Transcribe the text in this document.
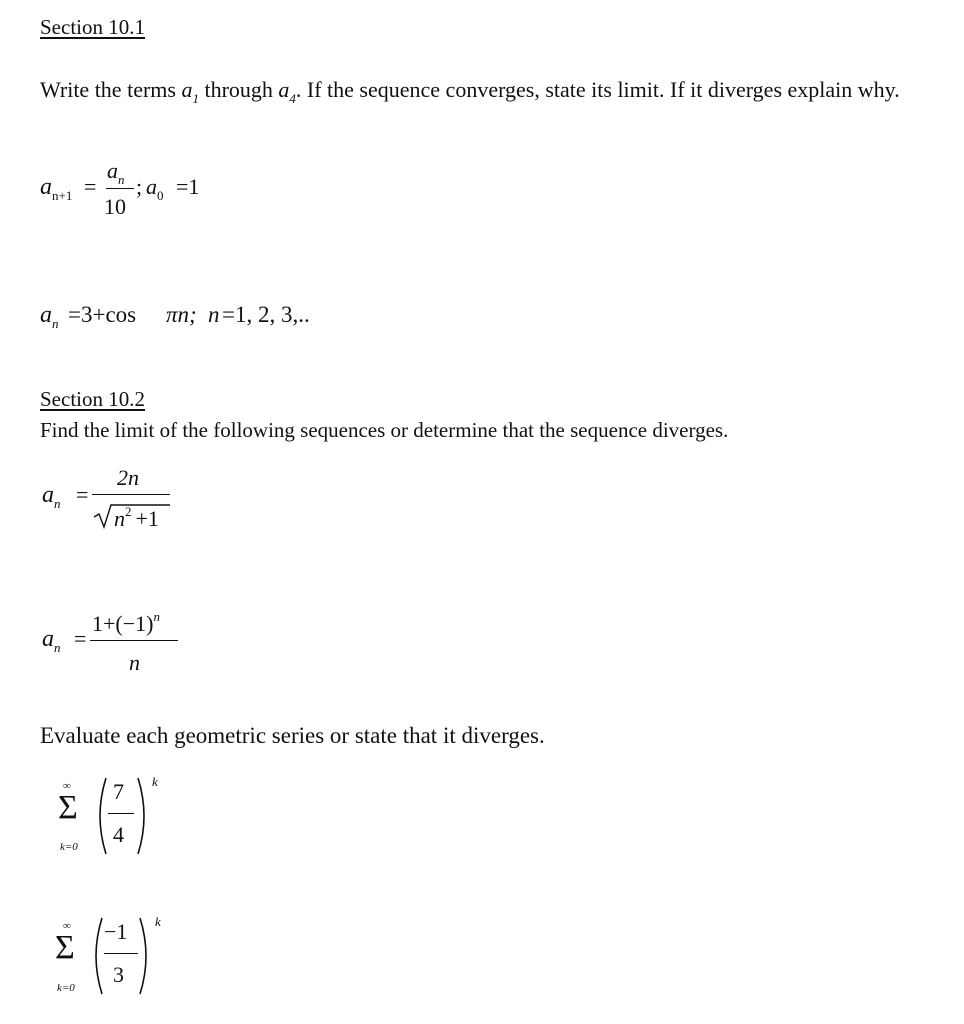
Section 10.1
Write the terms $a_1$ through $a_4$. If the sequence converges, state its limit. If it diverges explain why.
$a_{n+1}$ =
$a_n$
10
; $a_0 =1$
$a_n =3+\cos$ πn; n =1, 2, 3,..
Section 10.2
Find the limit of the following sequences or determine that the sequence diverges.
$a_n$ =
2n
$n^2 +1$
$a_n$ =
$1+(-1)^n$
n
Evaluate each geometric series or state that it diverges.
∞
Σ
k=0
7
4
k
∞
Σ
k=0
−1
3
k
